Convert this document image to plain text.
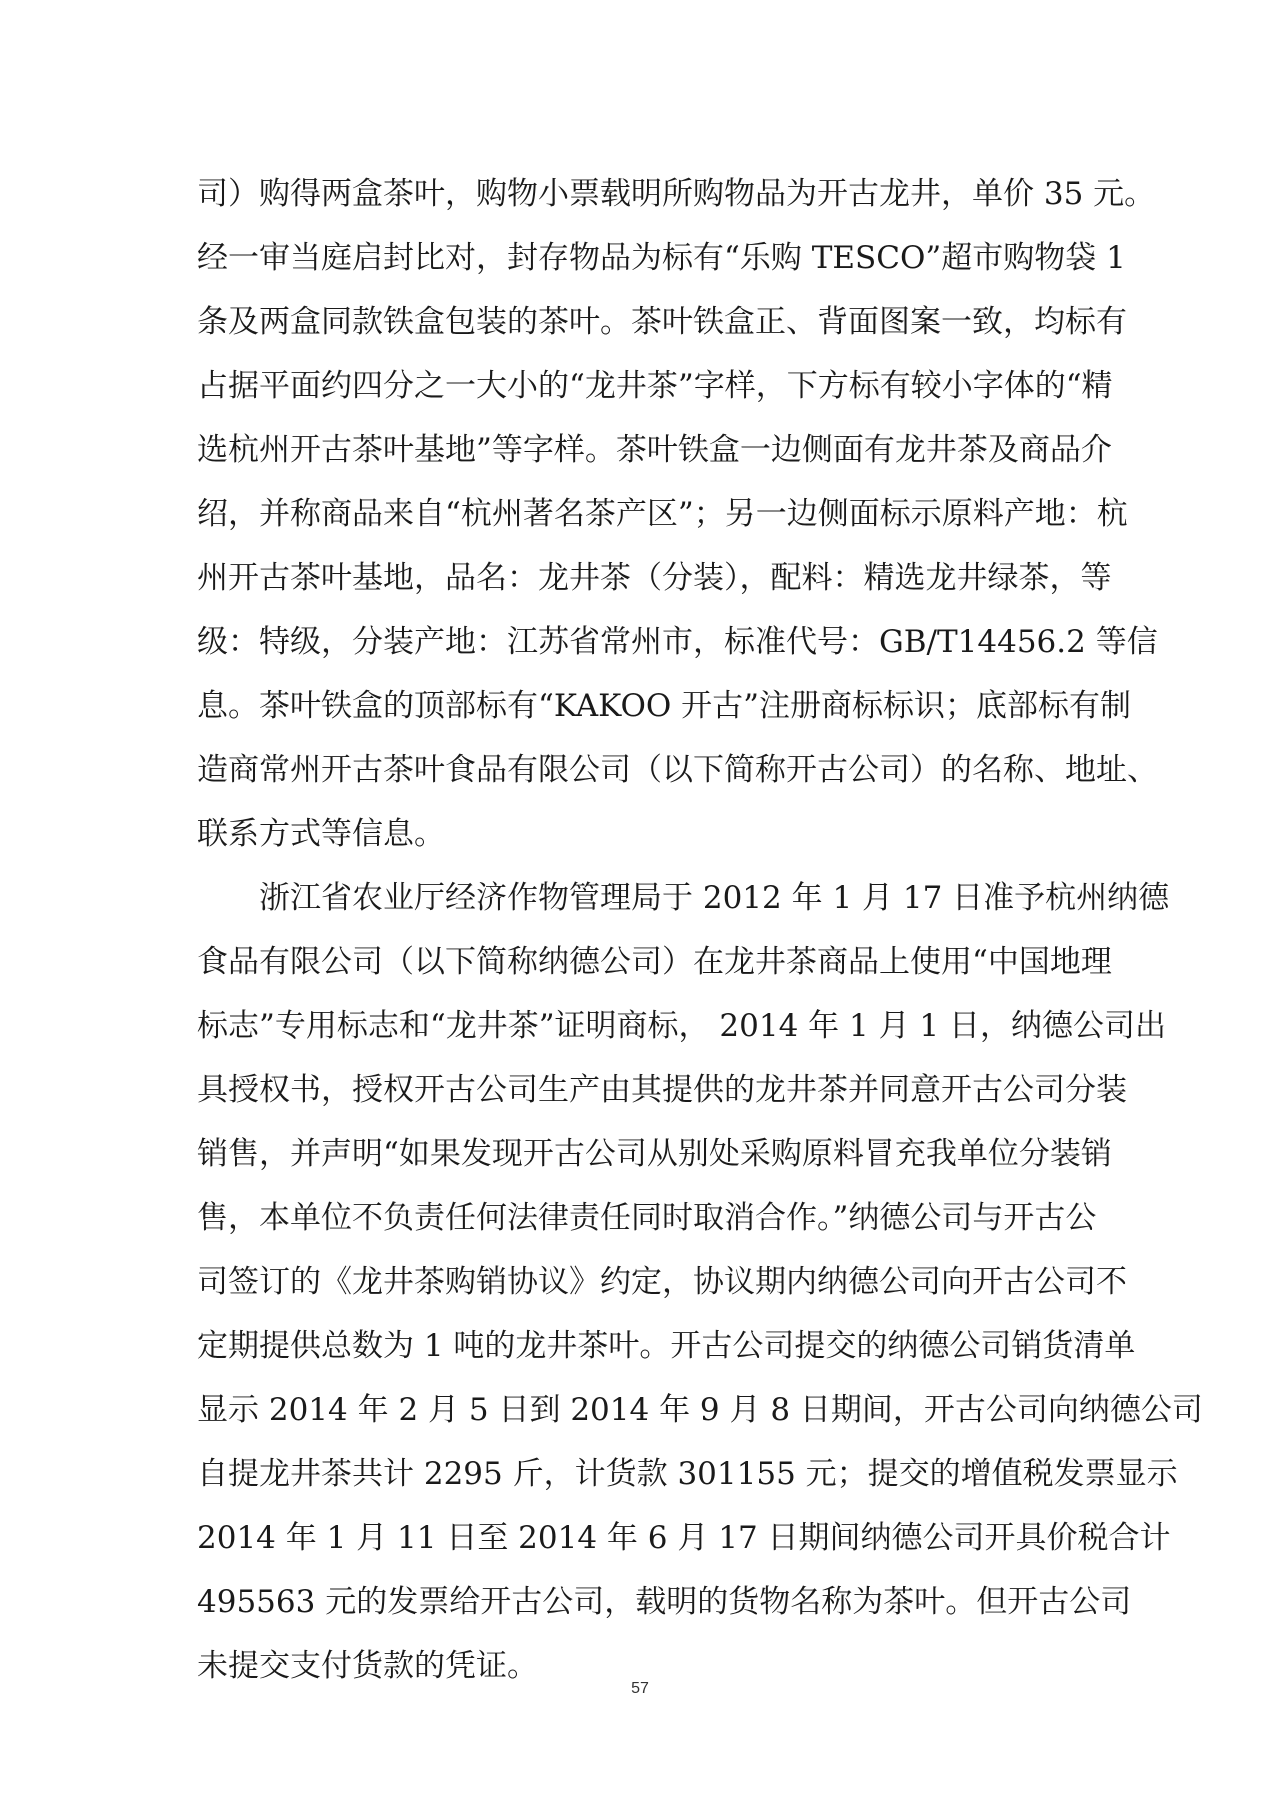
司）购得两盒茶叶，购物小票载明所购物品为开古龙井，单价 35 元。
经一审当庭启封比对，封存物品为标有“乐购 TESCO”超市购物袋 1
条及两盒同款铁盒包装的茶叶。茶叶铁盒正、背面图案一致，均标有
占据平面约四分之一大小的“龙井茶”字样，下方标有较小字体的“精
选杭州开古茶叶基地”等字样。茶叶铁盒一边侧面有龙井茶及商品介
绍，并称商品来自“杭州著名茶产区”；另一边侧面标示原料产地：杭
州开古茶叶基地，品名：龙井茶（分装），配料：精选龙井绿茶，等
级：特级，分装产地：江苏省常州市，标准代号：GB/T14456.2 等信
息。茶叶铁盒的顶部标有“KAKOO 开古”注册商标标识；底部标有制
造商常州开古茶叶食品有限公司（以下简称开古公司）的名称、地址、
联系方式等信息。
浙江省农业厅经济作物管理局于 2012 年 1 月 17 日准予杭州纳德
食品有限公司（以下简称纳德公司）在龙井茶商品上使用“中国地理
标志”专用标志和“龙井茶”证明商标， 2014 年 1 月 1 日，纳德公司出
具授权书，授权开古公司生产由其提供的龙井茶并同意开古公司分装
销售，并声明“如果发现开古公司从别处采购原料冒充我单位分装销
售，本单位不负责任何法律责任同时取消合作。”纳德公司与开古公
司签订的《龙井茶购销协议》约定，协议期内纳德公司向开古公司不
定期提供总数为 1 吨的龙井茶叶。开古公司提交的纳德公司销货清单
显示 2014 年 2 月 5 日到 2014 年 9 月 8 日期间，开古公司向纳德公司
自提龙井茶共计 2295 斤，计货款 301155 元；提交的增值税发票显示
2014 年 1 月 11 日至 2014 年 6 月 17 日期间纳德公司开具价税合计
495563 元的发票给开古公司，载明的货物名称为茶叶。但开古公司
未提交支付货款的凭证。
57
